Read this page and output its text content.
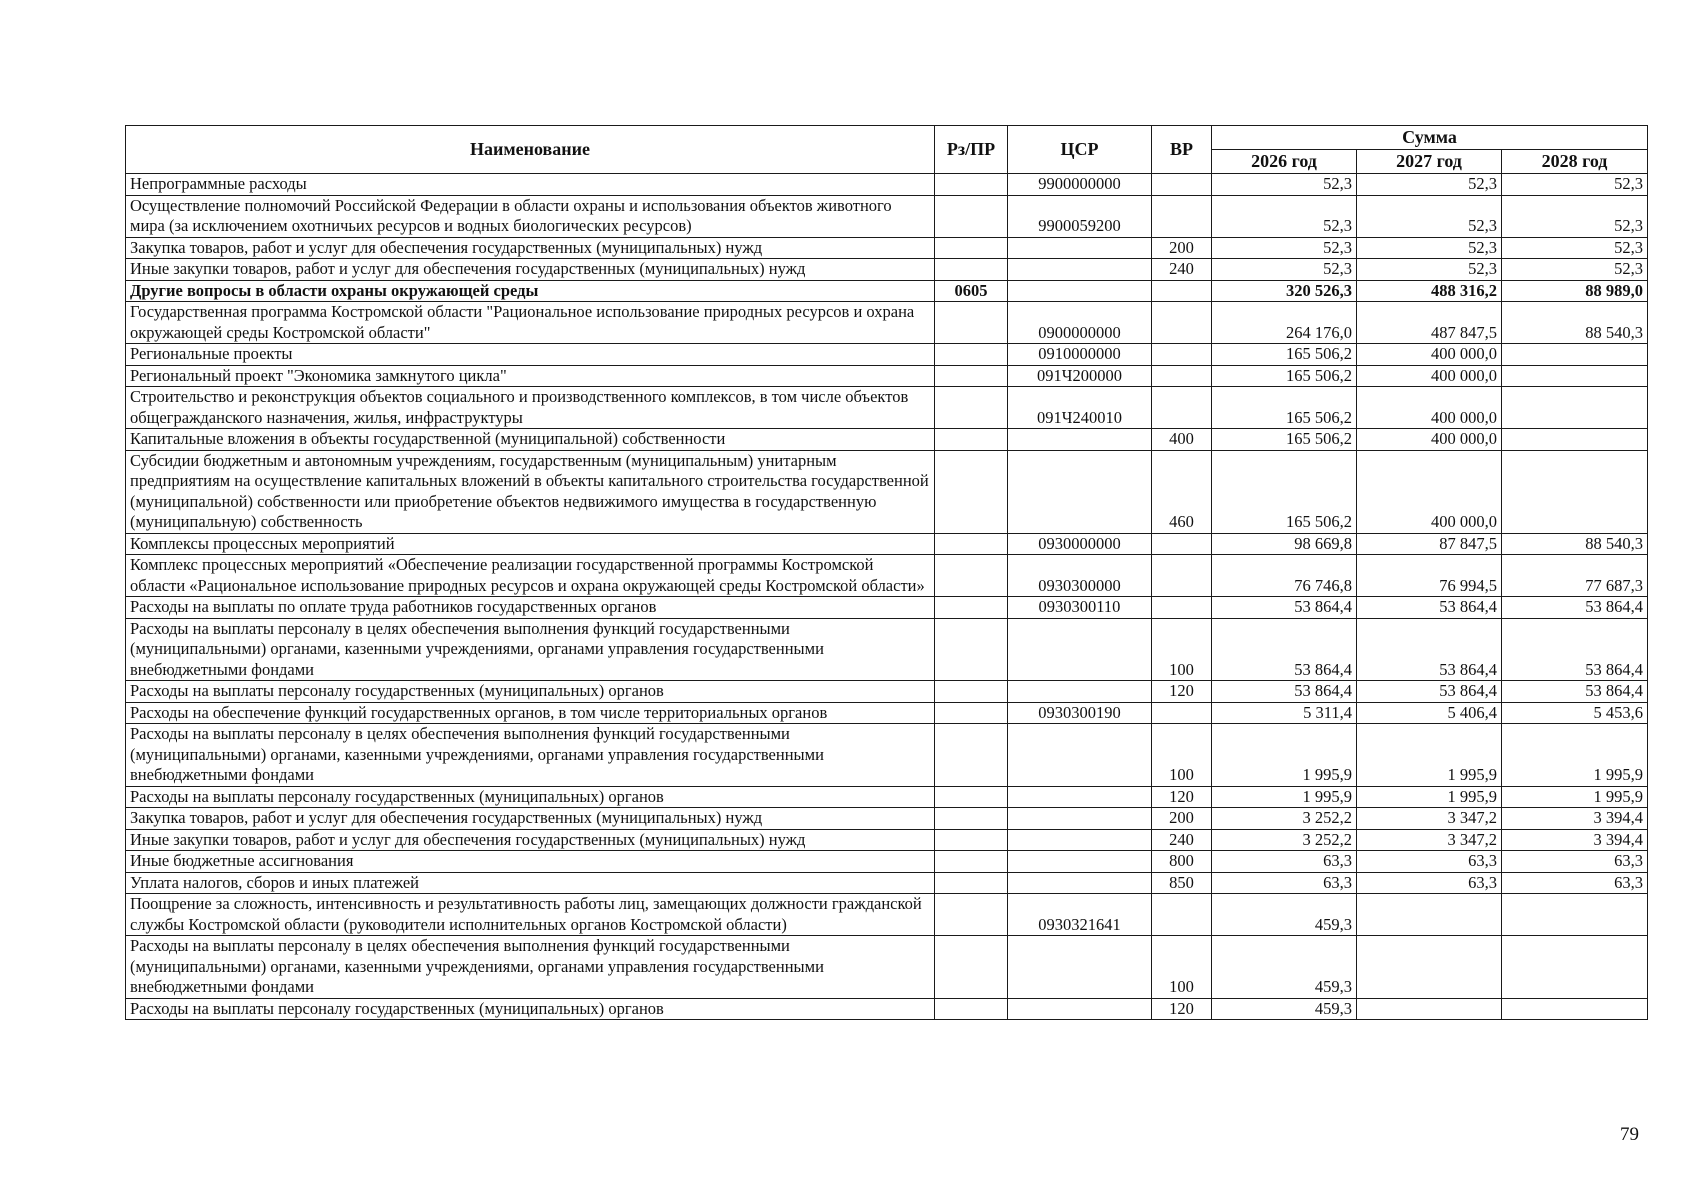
Наименование	Рз/ПР	ЦСР	ВР	Сумма		
				2026 год	2027 год	2028 год
Непрограммные расходы		9900000000		52,3	52,3	52,3
Осуществление полномочий Российской Федерации в области охраны и использования объектов животного мира (за исключением охотничьих ресурсов и водных биологических ресурсов)		9900059200		52,3	52,3	52,3
Закупка товаров, работ и услуг для обеспечения государственных (муниципальных) нужд			200	52,3	52,3	52,3
Иные закупки товаров, работ и услуг для обеспечения государственных (муниципальных) нужд			240	52,3	52,3	52,3
Другие вопросы в области охраны окружающей среды	0605			320 526,3	488 316,2	88 989,0
Государственная программа Костромской области "Рациональное использование природных ресурсов и охрана окружающей среды Костромской области"		0900000000		264 176,0	487 847,5	88 540,3
Региональные проекты		0910000000		165 506,2	400 000,0	
Региональный проект "Экономика замкнутого цикла"		091Ч200000		165 506,2	400 000,0	
Строительство и реконструкция объектов социального и производственного комплексов, в том числе объектов общегражданского назначения, жилья, инфраструктуры		091Ч240010		165 506,2	400 000,0	
Капитальные вложения в объекты государственной (муниципальной) собственности			400	165 506,2	400 000,0	
Субсидии бюджетным и автономным учреждениям, государственным (муниципальным) унитарным предприятиям на осуществление капитальных вложений в объекты капитального строительства государственной (муниципальной) собственности или приобретение объектов недвижимого имущества в государственную (муниципальную) собственность			460	165 506,2	400 000,0	
Комплексы процессных мероприятий		0930000000		98 669,8	87 847,5	88 540,3
Комплекс процессных мероприятий «Обеспечение реализации государственной программы Костромской области «Рациональное использование природных ресурсов и охрана окружающей среды Костромской области»		0930300000		76 746,8	76 994,5	77 687,3
Расходы на выплаты по оплате труда работников государственных органов		0930300110		53 864,4	53 864,4	53 864,4
Расходы на выплаты персоналу в целях обеспечения выполнения функций государственными (муниципальными) органами, казенными учреждениями, органами управления государственными внебюджетными фондами			100	53 864,4	53 864,4	53 864,4
Расходы на выплаты персоналу государственных (муниципальных) органов			120	53 864,4	53 864,4	53 864,4
Расходы на обеспечение функций государственных органов, в том числе территориальных органов		0930300190		5 311,4	5 406,4	5 453,6
Расходы на выплаты персоналу в целях обеспечения выполнения функций государственными (муниципальными) органами, казенными учреждениями, органами управления государственными внебюджетными фондами			100	1 995,9	1 995,9	1 995,9
Расходы на выплаты персоналу государственных (муниципальных) органов			120	1 995,9	1 995,9	1 995,9
Закупка товаров, работ и услуг для обеспечения государственных (муниципальных) нужд			200	3 252,2	3 347,2	3 394,4
Иные закупки товаров, работ и услуг для обеспечения государственных (муниципальных) нужд			240	3 252,2	3 347,2	3 394,4
Иные бюджетные ассигнования			800	63,3	63,3	63,3
Уплата налогов, сборов и иных платежей			850	63,3	63,3	63,3
Поощрение за сложность, интенсивность и результативность работы лиц, замещающих должности гражданской службы Костромской области (руководители исполнительных органов Костромской области)		0930321641		459,3		
Расходы на выплаты персоналу в целях обеспечения выполнения функций государственными (муниципальными) органами, казенными учреждениями, органами управления государственными внебюджетными фондами			100	459,3		
Расходы на выплаты персоналу государственных (муниципальных) органов			120	459,3		
79
